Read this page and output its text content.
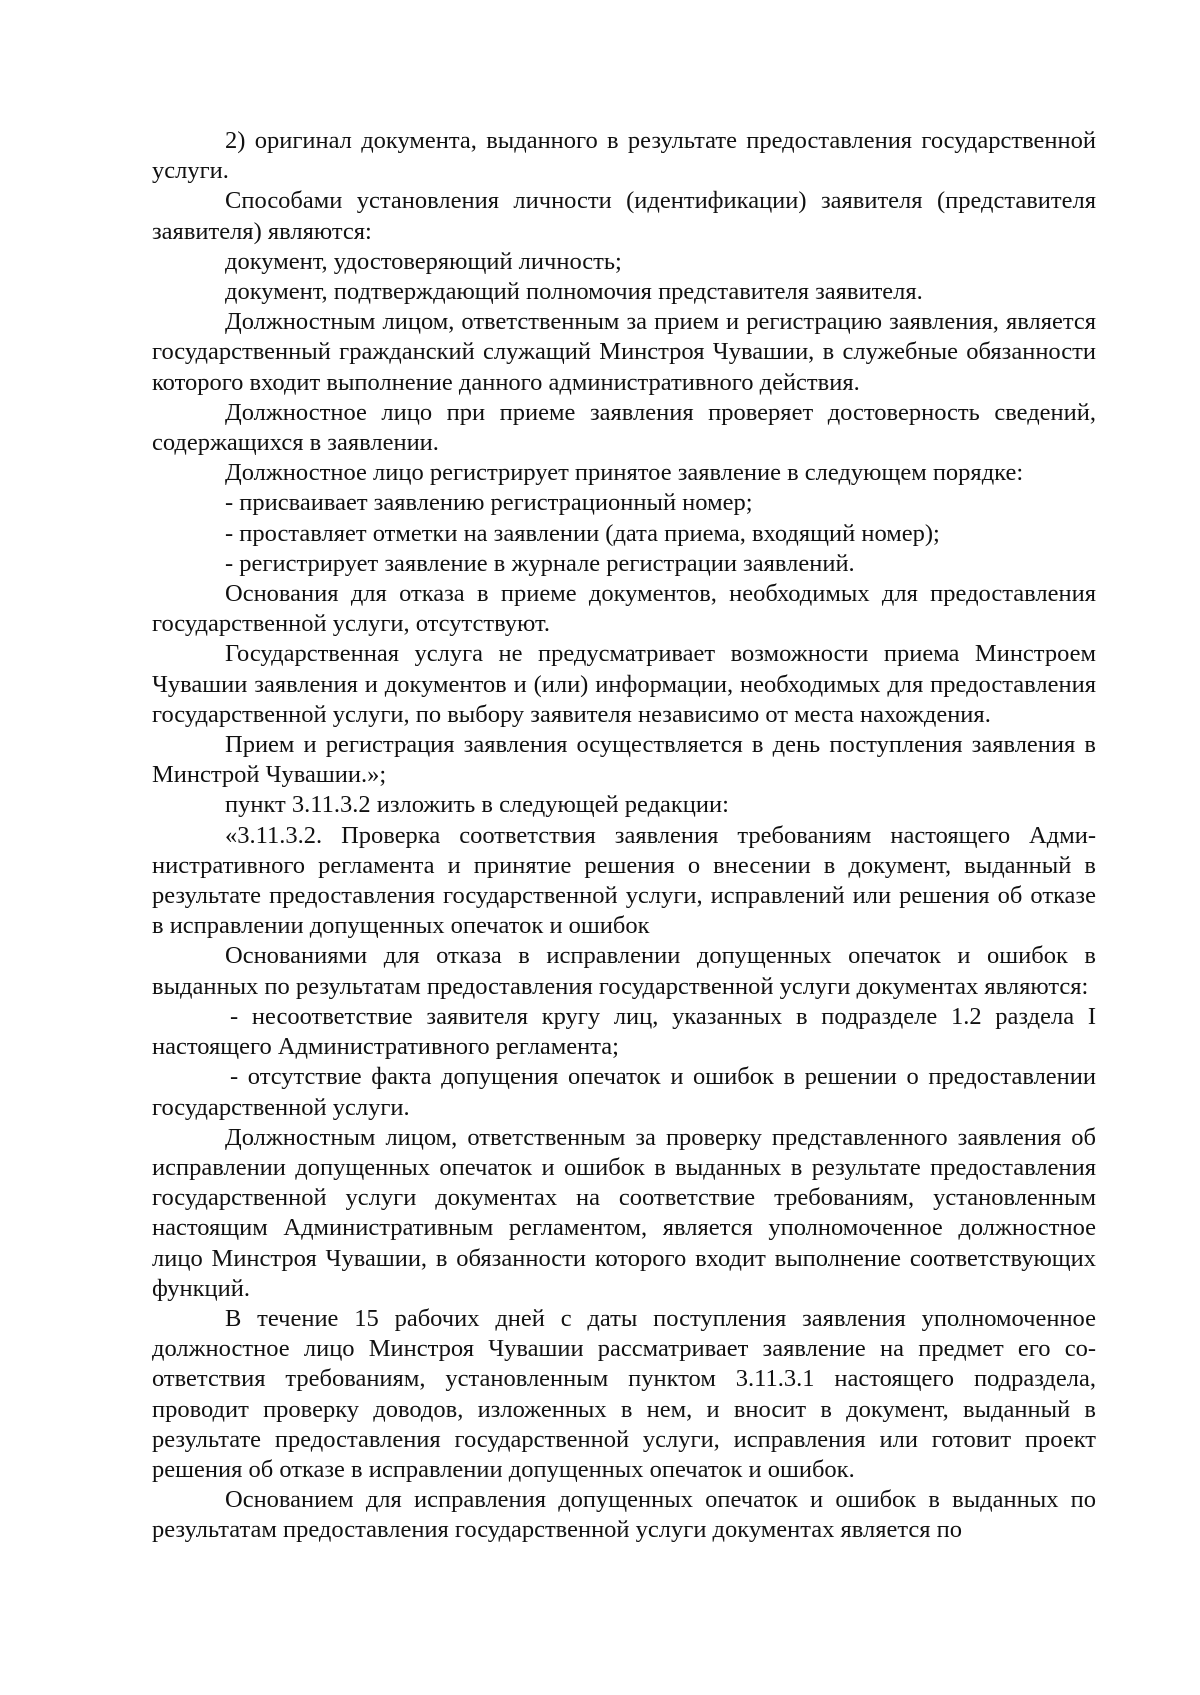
2) оригинал документа, выданного в результате предоставления государственной услуги.

Способами установления личности (идентификации) заявителя (представителя заявителя) являются:

документ, удостоверяющий личность;

документ, подтверждающий полномочия представителя заявителя.

Должностным лицом, ответственным за прием и регистрацию заявления, является государственный гражданский служащий Минстроя Чувашии, в служебные обязанности которого входит выполнение данного административного действия.

Должностное лицо при приеме заявления проверяет достоверность сведений, содержащихся в заявлении.

Должностное лицо регистрирует принятое заявление в следующем порядке:

- присваивает заявлению регистрационный номер;

- проставляет отметки на заявлении (дата приема, входящий номер);

- регистрирует заявление в журнале регистрации заявлений.

Основания для отказа в приеме документов, необходимых для предоставления государственной услуги, отсутствуют.

Государственная услуга не предусматривает возможности приема Минстроем Чувашии заявления и документов и (или) информации, необходимых для предоставления государственной услуги, по выбору заявителя независимо от места нахождения.

Прием и регистрация заявления осуществляется в день поступления заявления в Минстрой Чувашии.»;

пункт 3.11.3.2 изложить в следующей редакции:

«3.11.3.2. Проверка соответствия заявления требованиям настоящего Административного регламента и принятие решения о внесении в документ, выданный в результате предоставления государственной услуги, исправлений или решения об отказе в исправлении допущенных опечаток и ошибок

Основаниями для отказа в исправлении допущенных опечаток и ошибок в выданных по результатам предоставления государственной услуги документах являются:

- несоответствие заявителя кругу лиц, указанных в подразделе 1.2 раздела I настоящего Административного регламента;

- отсутствие факта допущения опечаток и ошибок в решении о предоставлении государственной услуги.

Должностным лицом, ответственным за проверку представленного заявления об исправлении допущенных опечаток и ошибок в выданных в результате предоставления государственной услуги документах на соответствие требованиям, установленным настоящим Административным регламентом, является уполномоченное должностное лицо Минстроя Чувашии, в обязанности которого входит выполнение соответствующих функций.

В течение 15 рабочих дней с даты поступления заявления уполномоченное должностное лицо Минстроя Чувашии рассматривает заявление на предмет его соответствия требованиям, установленным пунктом 3.11.3.1 настоящего подраздела, проводит проверку доводов, изложенных в нем, и вносит в документ, выданный в результате предоставления государственной услуги, исправления или готовит проект решения об отказе в исправлении допущенных опечаток и ошибок.

Основанием для исправления допущенных опечаток и ошибок в выданных по результатам предоставления государственной услуги документах является по
